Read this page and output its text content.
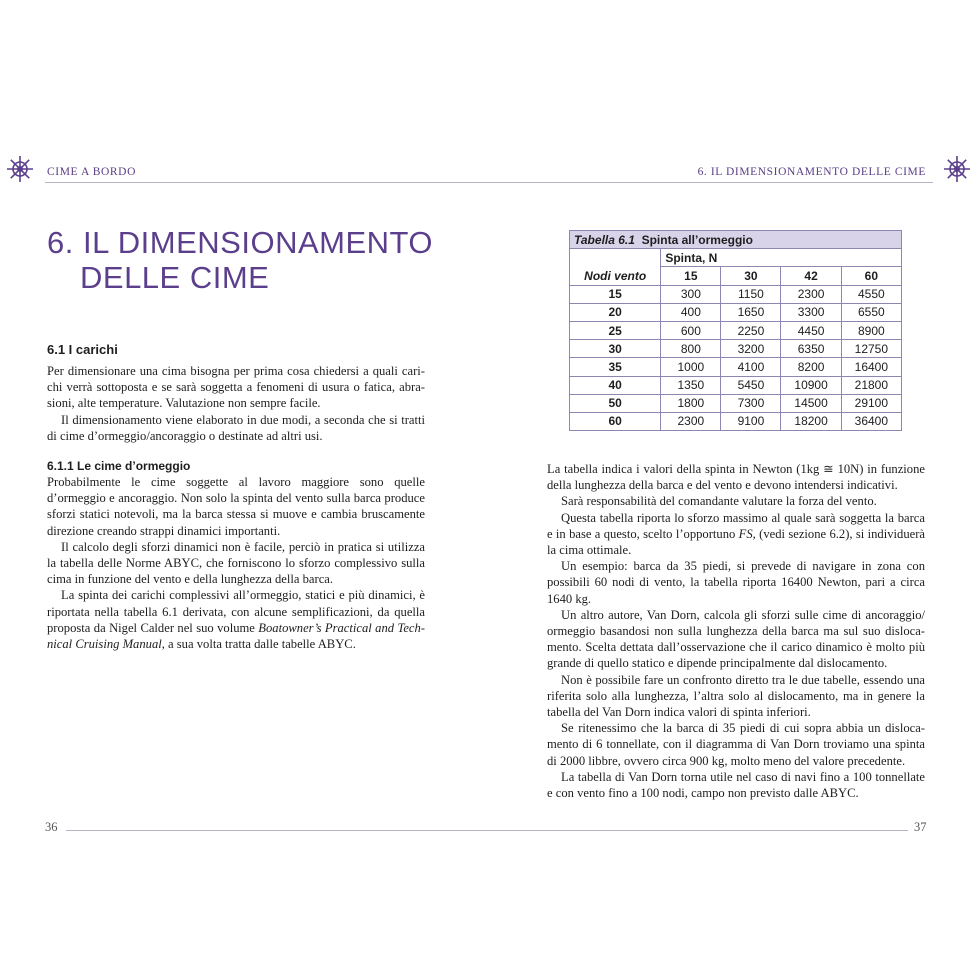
CIME A BORDO	6. IL DIMENSIONAMENTO DELLE CIME
6. IL DIMENSIONAMENTO
DELLE CIME
6.1 I carichi

Per dimensionare una cima bisogna per prima cosa chiedersi a quali cari-chi verrà sottoposta e se sarà soggetta a fenomeni di usura o fatica, abra-sioni, alte temperature. Valutazione non sempre facile.

Il dimensionamento viene elaborato in due modi, a seconda che si tratti di cime d’ormeggio/ancoraggio o destinate ad altri usi.

6.1.1 Le cime d’ormeggio

Probabilmente le cime soggette al lavoro maggiore sono quelle d’ormeggio e ancoraggio. Non solo la spinta del vento sulla barca produce sforzi statici notevoli, ma la barca stessa si muove e cambia bruscamente direzione creando strappi dinamici importanti.

Il calcolo degli sforzi dinamici non è facile, perciò in pratica si utilizza la tabella delle Norme ABYC, che forniscono lo sforzo complessivo sulla cima in funzione del vento e della lunghezza della barca.

La spinta dei carichi complessivi all’ormeggio, statici e più dinamici, è riportata nella tabella 6.1 derivata, con alcune semplificazioni, da quella proposta da Nigel Calder nel suo volume Boatowner’s Practical and Tech-nical Cruising Manual, a sua volta tratta dalle tabelle ABYC.

Tabella 6.1 Spinta all’ormeggio				
	Spinta, N			
Nodi vento	15	30	42	60
15	300	1150	2300	4550
20	400	1650	3300	6550
25	600	2250	4450	8900
30	800	3200	6350	12750
35	1000	4100	8200	16400
40	1350	5450	10900	21800
50	1800	7300	14500	29100
60	2300	9100	18200	36400

La tabella indica i valori della spinta in Newton (1kg ≅ 10N) in funzione della lunghezza della barca e del vento e devono intendersi indicativi.

Sarà responsabilità del comandante valutare la forza del vento.

Questa tabella riporta lo sforzo massimo al quale sarà soggetta la barca e in base a questo, scelto l’opportuno FS, (vedi sezione 6.2), si individuerà la cima ottimale.

Un esempio: barca da 35 piedi, si prevede di navigare in zona con possibili 60 nodi di vento, la tabella riporta 16400 Newton, pari a circa 1640 kg.

Un altro autore, Van Dorn, calcola gli sforzi sulle cime di ancoraggio/ ormeggio basandosi non sulla lunghezza della barca ma sul suo disloca-mento. Scelta dettata dall’osservazione che il carico dinamico è molto più grande di quello statico e dipende principalmente dal dislocamento.

Non è possibile fare un confronto diretto tra le due tabelle, essendo una riferita solo alla lunghezza, l’altra solo al dislocamento, ma in genere la tabella del Van Dorn indica valori di spinta inferiori.

Se ritenessimo che la barca di 35 piedi di cui sopra abbia un disloca-mento di 6 tonnellate, con il diagramma di Van Dorn troviamo una spinta di 2000 libbre, ovvero circa 900 kg, molto meno del valore precedente.

La tabella di Van Dorn torna utile nel caso di navi fino a 100 tonnellate e con vento fino a 100 nodi, campo non previsto dalle ABYC.

36	37
